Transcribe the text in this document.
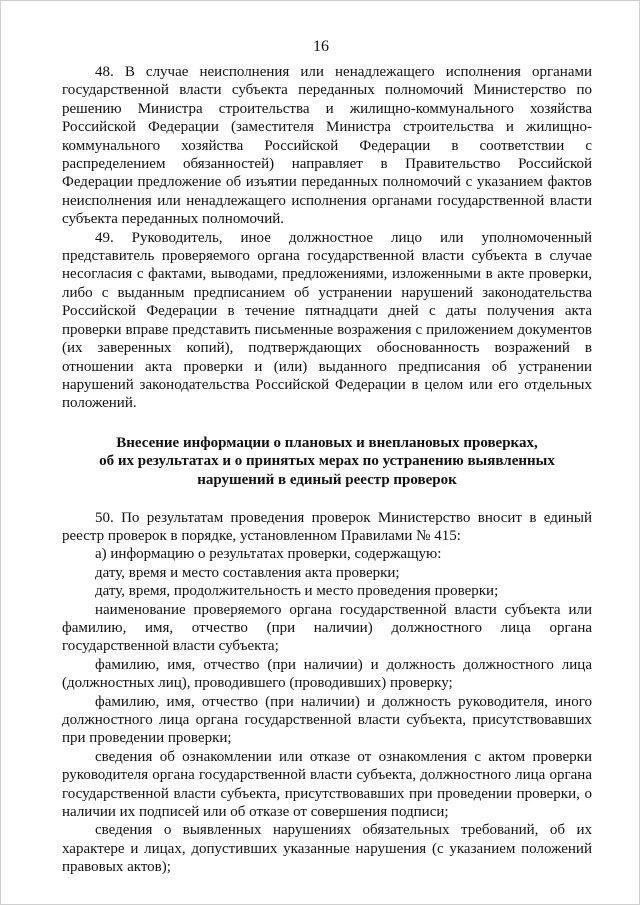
16

48. В случае неисполнения или ненадлежащего исполнения органами государственной власти субъекта переданных полномочий Министерство по решению Министра строительства и жилищно-коммунального хозяйства Российской Федерации (заместителя Министра строительства и жилищно-коммунального хозяйства Российской Федерации в соответствии с распределением обязанностей) направляет в Правительство Российской Федерации предложение об изъятии переданных полномочий с указанием фактов неисполнения или ненадлежащего исполнения органами государственной власти субъекта переданных полномочий.

49. Руководитель, иное должностное лицо или уполномоченный представитель проверяемого органа государственной власти субъекта в случае несогласия с фактами, выводами, предложениями, изложенными в акте проверки, либо с выданным предписанием об устранении нарушений законодательства Российской Федерации в течение пятнадцати дней с даты получения акта проверки вправе представить письменные возражения с приложением документов (их заверенных копий), подтверждающих обоснованность возражений в отношении акта проверки и (или) выданного предписания об устранении нарушений законодательства Российской Федерации в целом или его отдельных положений.

Внесение информации о плановых и внеплановых проверках,
об их результатах и о принятых мерах по устранению выявленных
нарушений в единый реестр проверок

50. По результатам проведения проверок Министерство вносит в единый реестр проверок в порядке, установленном Правилами № 415:

а) информацию о результатах проверки, содержащую:

дату, время и место составления акта проверки;

дату, время, продолжительность и место проведения проверки;

наименование проверяемого органа государственной власти субъекта или фамилию, имя, отчество (при наличии) должностного лица органа государственной власти субъекта;

фамилию, имя, отчество (при наличии) и должность должностного лица (должностных лиц), проводившего (проводивших) проверку;

фамилию, имя, отчество (при наличии) и должность руководителя, иного должностного лица органа государственной власти субъекта, присутствовавших при проведении проверки;

сведения об ознакомлении или отказе от ознакомления с актом проверки руководителя органа государственной власти субъекта, должностного лица органа государственной власти субъекта, присутствовавших при проведении проверки, о наличии их подписей или об отказе от совершения подписи;

сведения о выявленных нарушениях обязательных требований, об их характере и лицах, допустивших указанные нарушения (с указанием положений правовых актов);
